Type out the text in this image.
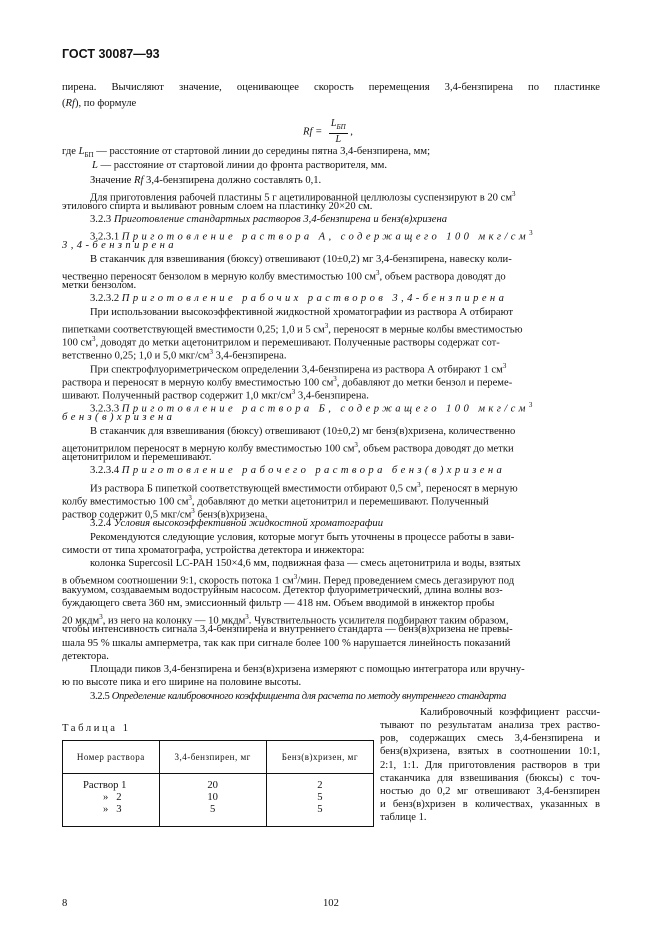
ГОСТ 30087—93
пирена. Вычисляют значение, оценивающее скорость перемещения 3,4-бензпирена по пластинке
(Rf), по формуле
$Rf = \frac{L_{БП}}{L}$ ,
где $L_{БП}$ — расстояние от стартовой линии до середины пятна 3,4-бензпирена, мм;
L — расстояние от стартовой линии до фронта растворителя, мм.
Значение Rf 3,4-бензпирена должно составлять 0,1.
Для приготовления рабочей пластины 5 г ацетилированной целлюлозы суспензируют в 20 $см^3$
этилового спирта и выливают ровным слоем на пластинку 20×20 см.
3.2.3 Приготовление стандартных растворов 3,4-бензпирена и бенз(в)хризена
3.2.3.1 Приготовление раствора А, содержащего 100 мкг/$см^3$
3,4-бензпирена
В стаканчик для взвешивания (бюксу) отвешивают (10±0,2) мг 3,4-бензпирена, навеску коли-
чественно переносят бензолом в мерную колбу вместимостью 100 $см^3$, объем раствора доводят до
метки бензолом.
3.2.3.2 Приготовление рабочих растворов 3,4-бензпирена
При использовании высокоэффективной жидкостной хроматографии из раствора А отбирают
пипетками соответствующей вместимости 0,25; 1,0 и 5 $см^3$, переносят в мерные колбы вместимостью
100 $см^3$, доводят до метки ацетонитрилом и перемешивают. Полученные растворы содержат сот-
ветственно 0,25; 1,0 и 5,0 мкг/$см^3$ 3,4-бензпирена.
При спектрофлуориметрическом определении 3,4-бензпирена из раствора А отбирают 1 $см^3$
раствора и переносят в мерную колбу вместимостью 100 $см^3$, добавляют до метки бензол и переме-
шивают. Полученный раствор содержит 1,0 мкг/$см^3$ 3,4-бензпирена.
3.2.3.3 Приготовление раствора Б, содержащего 100 мкг/$см^3$
бенз(в)хризена
В стаканчик для взвешивания (бюксу) отвешивают (10±0,2) мг бенз(в)хризена, количественно
ацетонитрилом переносят в мерную колбу вместимостью 100 $см^3$, объем раствора доводят до метки
ацетонитрилом и перемешивают.
3.2.3.4 Приготовление рабочего раствора бенз(в)хризена
Из раствора Б пипеткой соответствующей вместимости отбирают 0,5 $см^3$, переносят в мерную
колбу вместимостью 100 $см^3$, добавляют до метки ацетонитрил и перемешивают. Полученный
раствор содержит 0,5 мкг/$см^3$ бенз(в)хризена.
3.2.4 Условия высокоэффективной жидкостной хроматографии
Рекомендуются следующие условия, которые могут быть уточнены в процессе работы в зави-
симости от типа хроматографа, устройства детектора и инжектора:
колонка Supercosil LC-PAH 150×4,6 мм, подвижная фаза — смесь ацетонитрила и воды, взятых
в объемном соотношении 9:1, скорость потока 1 $см^3$/мин. Перед проведением смесь дегазируют под
вакуумом, создаваемым водоструйным насосом. Детектор флуориметрический, длина волны воз-
буждающего света 360 нм, эмиссионный фильтр — 418 нм. Объем вводимой в инжектор пробы
20 мкдм$^3$, из него на колонку — 10 мкдм$^3$. Чувствительность усилителя подбирают таким образом,
чтобы интенсивность сигнала 3,4-бензпирена и внутреннего стандарта — бенз(в)хризена не превы-
шала 95 % шкалы амперметра, так как при сигнале более 100 % нарушается линейность показаний
детектора.
Площади пиков 3,4-бензпирена и бенз(в)хризена измеряют с помощью интегратора или вручну-
ю по высоте пика и его ширине на половине высоты.
3.2.5 Определение калибровочного коэффициента для расчета по методу внутреннего стандарта
Таблица 1
Номер раствора	3,4-бензпирен, мг	Бенз(в)хризен, мг
Раствор 1	20	2
»   2	10	5
»   3	5	5
Калибровочный коэффициент рассчи-
тывают по результатам анализа трех раство-
ров, содержащих смесь 3,4-бензпирена и
бенз(в)хризена, взятых в соотношении 10:1,
2:1, 1:1. Для приготовления растворов в три
стаканчика для взвешивания (бюксы) с точ-
ностью до 0,2 мг отвешивают 3,4-бензпирен
и бенз(в)хризен в количествах, указанных в
таблице 1.
8	102
